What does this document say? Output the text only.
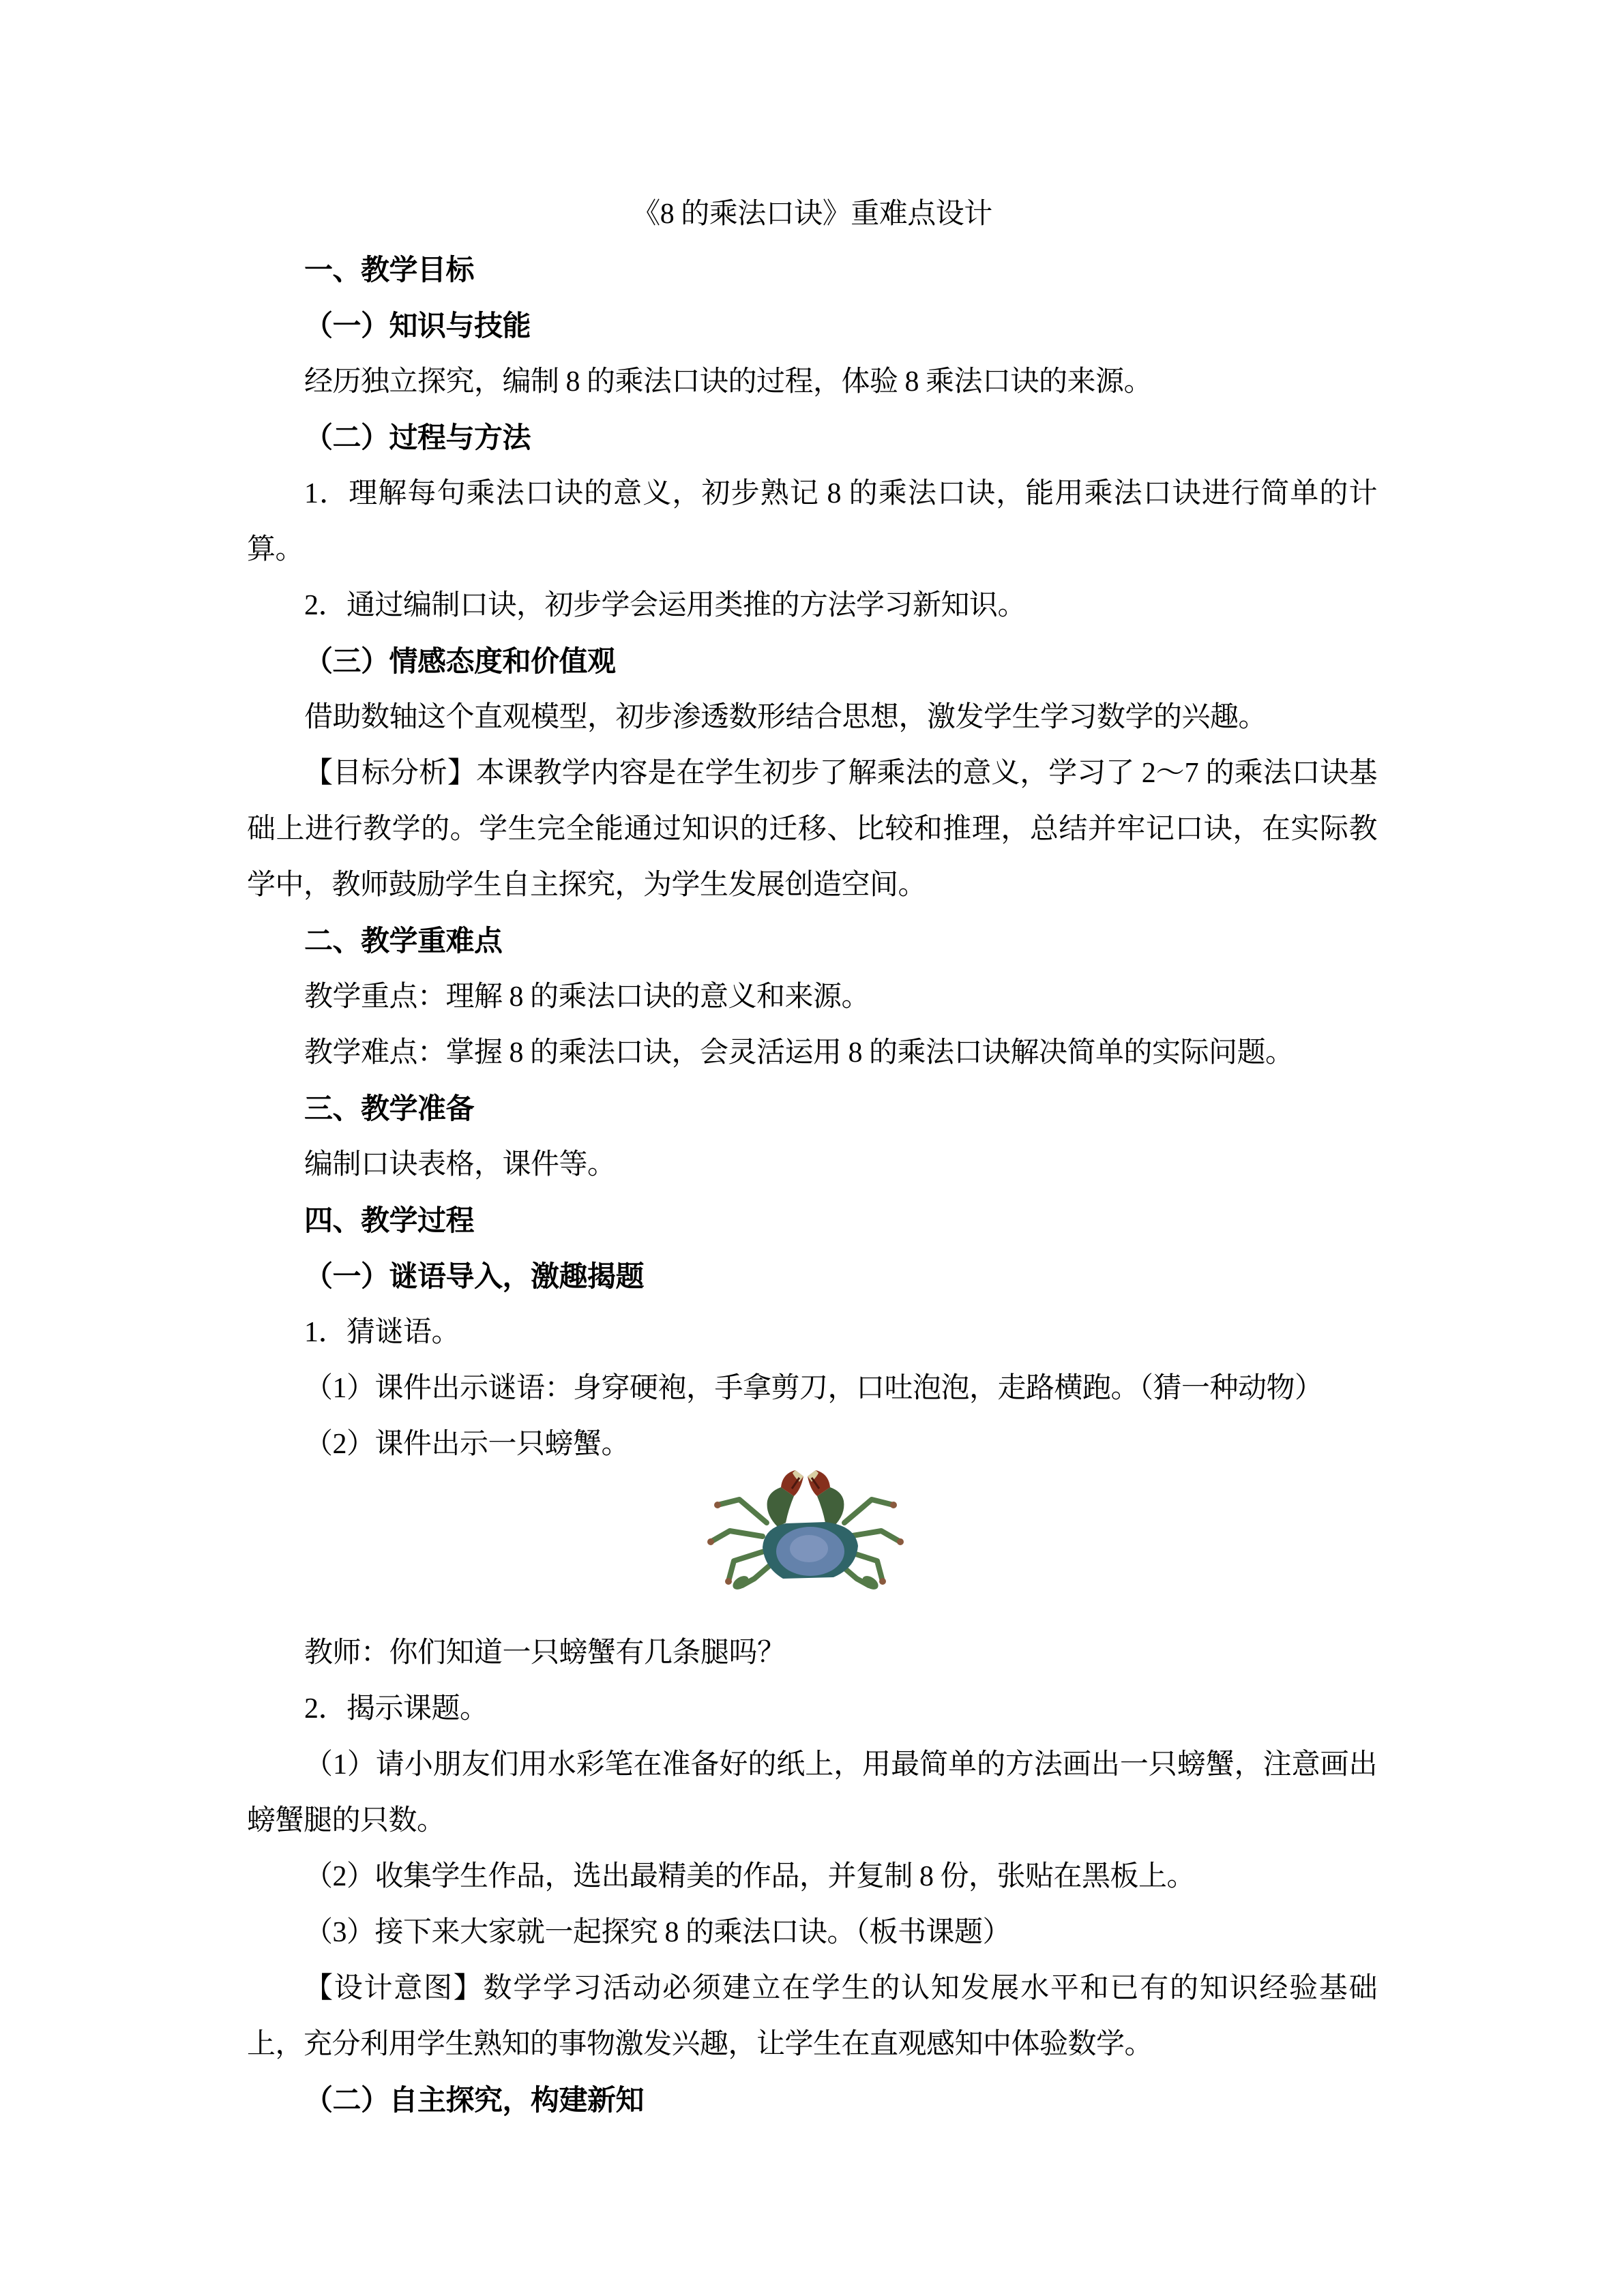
《8 的乘法口诀》重难点设计
一、教学目标
（一）知识与技能
经历独立探究，编制 8 的乘法口诀的过程，体验 8 乘法口诀的来源。
（二）过程与方法
1．理解每句乘法口诀的意义，初步熟记 8 的乘法口诀，能用乘法口诀进行简单的计
算。
2．通过编制口诀，初步学会运用类推的方法学习新知识。
（三）情感态度和价值观
借助数轴这个直观模型，初步渗透数形结合思想，激发学生学习数学的兴趣。
【目标分析】本课教学内容是在学生初步了解乘法的意义，学习了 2～7 的乘法口诀基
础上进行教学的。学生完全能通过知识的迁移、比较和推理，总结并牢记口诀，在实际教
学中，教师鼓励学生自主探究，为学生发展创造空间。
二、教学重难点
教学重点：理解 8 的乘法口诀的意义和来源。
教学难点：掌握 8 的乘法口诀，会灵活运用 8 的乘法口诀解决简单的实际问题。
三、教学准备
编制口诀表格，课件等。
四、教学过程
（一）谜语导入，激趣揭题
1．猜谜语。
（1）课件出示谜语：身穿硬袍，手拿剪刀，口吐泡泡，走路横跑。（猜一种动物）
（2）课件出示一只螃蟹。
教师：你们知道一只螃蟹有几条腿吗？
2．揭示课题。
（1）请小朋友们用水彩笔在准备好的纸上，用最简单的方法画出一只螃蟹，注意画出
螃蟹腿的只数。
（2）收集学生作品，选出最精美的作品，并复制 8 份，张贴在黑板上。
（3）接下来大家就一起探究 8 的乘法口诀。（板书课题）
【设计意图】数学学习活动必须建立在学生的认知发展水平和已有的知识经验基础
上，充分利用学生熟知的事物激发兴趣，让学生在直观感知中体验数学。
（二）自主探究，构建新知
